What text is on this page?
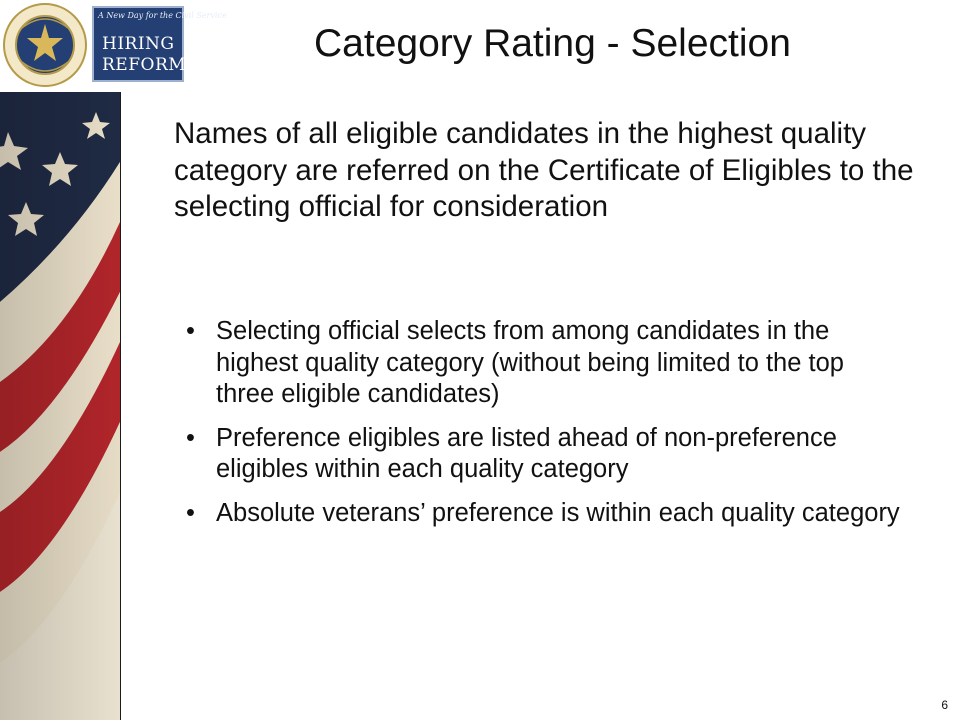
A New Day for the Civil Service
HIRING
REFORM	Category Rating - Selection
Names of all eligible candidates in the highest quality category are referred on the Certificate of Eligibles to the selecting official for consideration
• Selecting official selects from among candidates in the highest quality category (without being limited to the top three eligible candidates)
• Preference eligibles are listed ahead of non-preference eligibles within each quality category
• Absolute veterans’ preference is within each quality category
6
